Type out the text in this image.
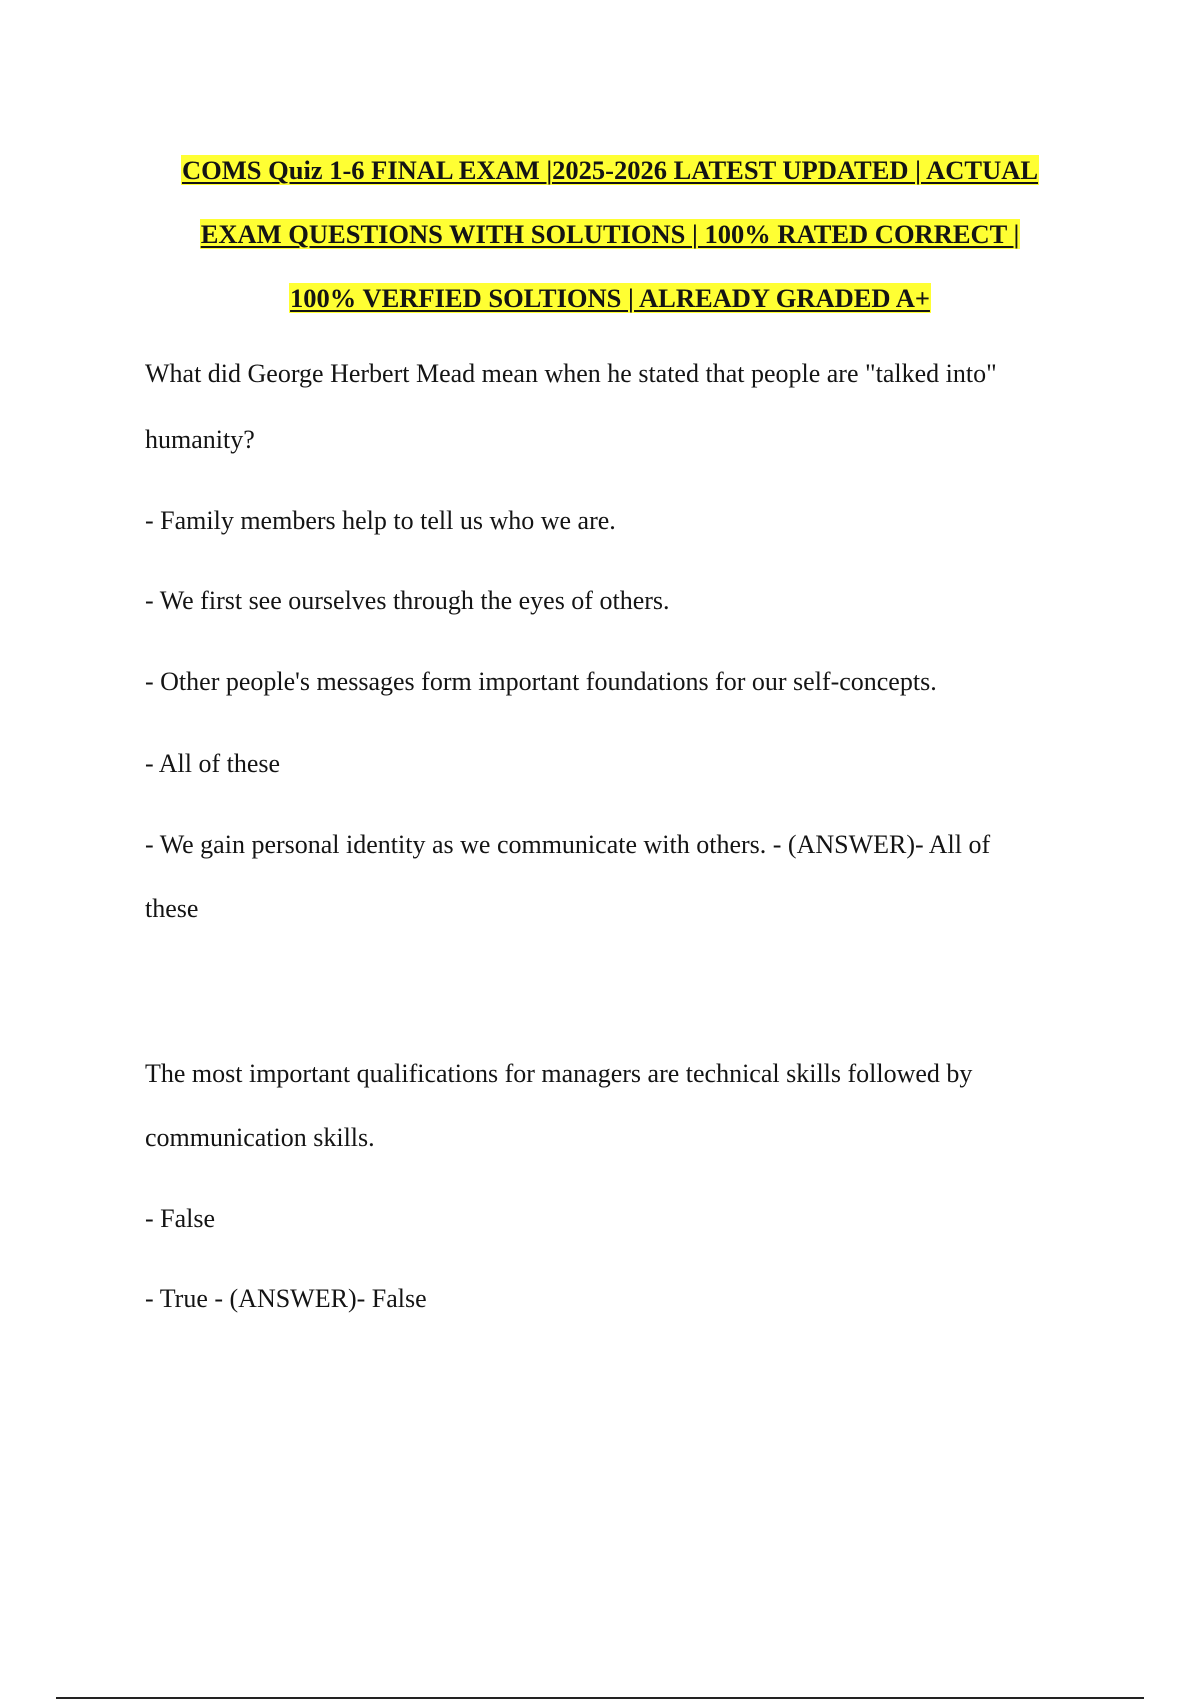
COMS Quiz 1-6 FINAL EXAM |2025-2026 LATEST UPDATED | ACTUAL
EXAM QUESTIONS WITH SOLUTIONS | 100% RATED CORRECT |
100% VERFIED SOLTIONS | ALREADY GRADED A+

What did George Herbert Mead mean when he stated that people are "talked into"

humanity?

- Family members help to tell us who we are.

- We first see ourselves through the eyes of others.

- Other people's messages form important foundations for our self-concepts.

- All of these

- We gain personal identity as we communicate with others. - (ANSWER)- All of

these

The most important qualifications for managers are technical skills followed by

communication skills.

- False

- True - (ANSWER)- False
